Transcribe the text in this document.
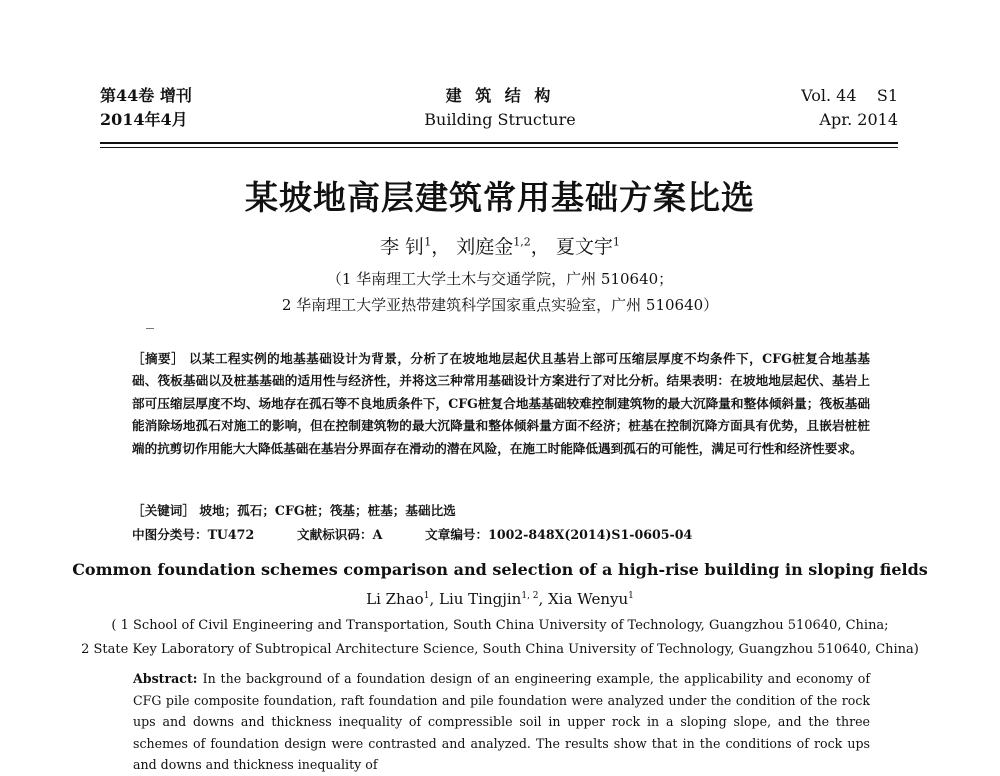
第44卷 增刊
2014年4月
建 筑 结 构
Building Structure
Vol. 44    S1
Apr. 2014
某坡地高层建筑常用基础方案比选
李 钊$^1$， 刘庭金$^{1,2}$， 夏文宇$^1$
（1 华南理工大学土木与交通学院，广州 510640；
2 华南理工大学亚热带建筑科学国家重点实验室，广州 510640）
［摘要］ 以某工程实例的地基基础设计为背景，分析了在坡地地层起伏且基岩上部可压缩层厚度不均条件下，CFG桩复合地基基础、筏板基础以及桩基基础的适用性与经济性，并将这三种常用基础设计方案进行了对比分析。结果表明：在坡地地层起伏、基岩上部可压缩层厚度不均、场地存在孤石等不良地质条件下，CFG桩复合地基基础较难控制建筑物的最大沉降量和整体倾斜量；筏板基础能消除场地孤石对施工的影响，但在控制建筑物的最大沉降量和整体倾斜量方面不经济；桩基在控制沉降方面具有优势，且嵌岩桩桩端的抗剪切作用能大大降低基础在基岩分界面存在滑动的潜在风险，在施工时能降低遇到孤石的可能性，满足可行性和经济性要求。
［关键词］ 坡地；孤石；CFG桩；筏基；桩基；基础比选
中图分类号：TU472	文献标识码：A	文章编号：1002-848X(2014)S1-0605-04
Common foundation schemes comparison and selection of a high-rise building in sloping fields
Li Zhao$^1$, Liu Tingjin$^{1, 2}$, Xia Wenyu$^1$
( 1 School of Civil Engineering and Transportation, South China University of Technology, Guangzhou 510640, China;
2 State Key Laboratory of Subtropical Architecture Science, South China University of Technology, Guangzhou 510640, China)
Abstract: In the background of a foundation design of an engineering example, the applicability and economy of CFG pile composite foundation, raft foundation and pile foundation were analyzed under the condition of the rock ups and downs and thickness inequality of compressible soil in upper rock in a sloping slope, and the three schemes of foundation design were contrasted and analyzed. The results show that in the conditions of rock ups and downs and thickness inequality of
